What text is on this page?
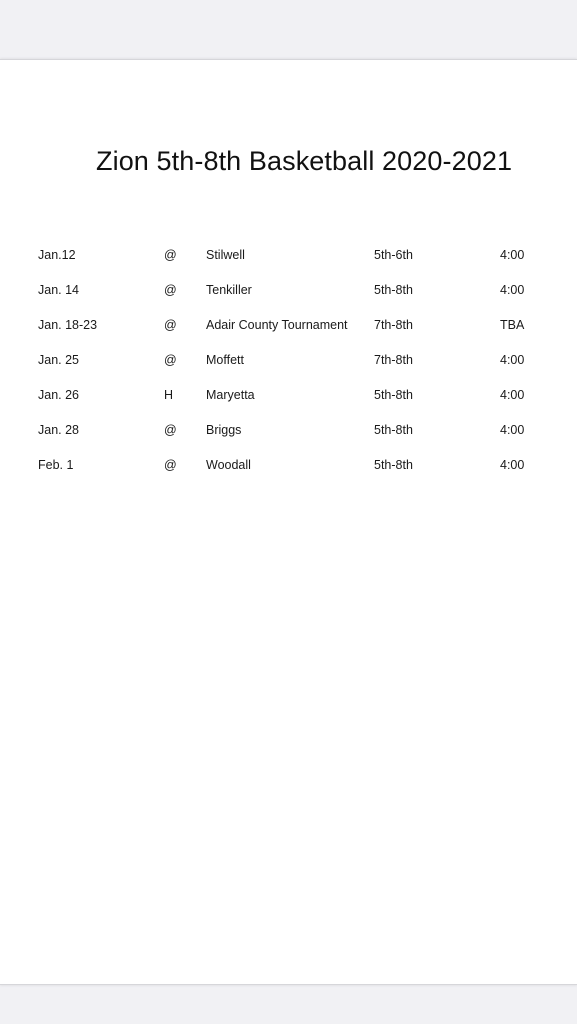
Zion 5th-8th Basketball 2020-2021
Jan.12	@ Stilwell	5th-6th	4:00
Jan. 14	@ Tenkiller	5th-8th	4:00
Jan. 18-23	@ Adair County Tournament 7th-8th	TBA
Jan. 25	@ Moffett	7th-8th	4:00
Jan. 26	H	Maryetta	5th-8th	4:00
Jan. 28	@ Briggs	5th-8th	4:00
Feb. 1	@ Woodall	5th-8th	4:00
